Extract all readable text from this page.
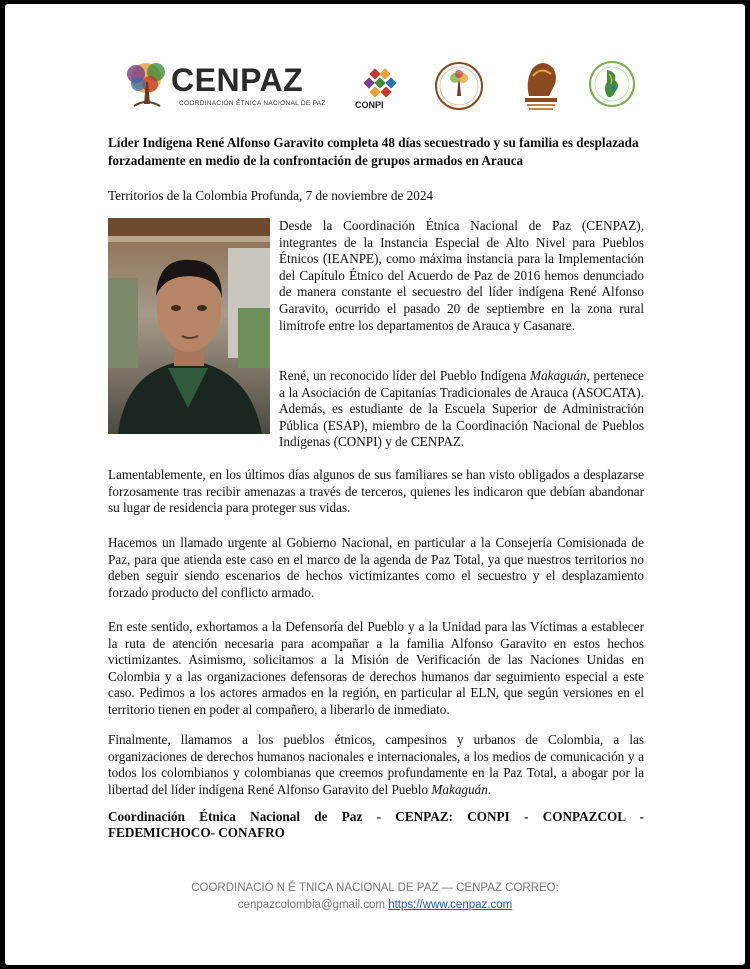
CENPAZ
COORDINACIÓN ÉTNICA NACIONAL DE PAZ	CONPI
Líder Indígena René Alfonso Garavito completa 48 días secuestrado y su familia es desplazada forzadamente en medio de la confrontación de grupos armados en Arauca
Territorios de la Colombia Profunda, 7 de noviembre de 2024
Desde la Coordinación Étnica Nacional de Paz (CENPAZ), integrantes de la Instancia Especial de Alto Nivel para Pueblos Étnicos (IEANPE), como máxima instancia para la Implementación del Capítulo Étnico del Acuerdo de Paz de 2016 hemos denunciado de manera constante el secuestro del líder indígena René Alfonso Garavito, ocurrido el pasado 20 de septiembre en la zona rural limítrofe entre los departamentos de Arauca y Casanare.
René, un reconocido líder del Pueblo Indígena Makaguán, pertenece a la Asociación de Capitanías Tradicionales de Arauca (ASOCATA). Además, es estudiante de la Escuela Superior de Administración Pública (ESAP), miembro de la Coordinación Nacional de Pueblos Indígenas (CONPI) y de CENPAZ.
Lamentablemente, en los últimos días algunos de sus familiares se han visto obligados a desplazarse forzosamente tras recibir amenazas a través de terceros, quienes les indicaron que debían abandonar su lugar de residencia para proteger sus vidas.
Hacemos un llamado urgente al Gobierno Nacional, en particular a la Consejería Comisionada de Paz, para que atienda este caso en el marco de la agenda de Paz Total, ya que nuestros territorios no deben seguir siendo escenarios de hechos victimizantes como el secuestro y el desplazamiento forzado producto del conflicto armado.
En este sentido, exhortamos a la Defensoría del Pueblo y a la Unidad para las Víctimas a establecer la ruta de atención necesaria para acompañar a la familia Alfonso Garavito en estos hechos victimizantes. Asimismo, solicitamos a la Misión de Verificación de las Naciones Unidas en Colombia y a las organizaciones defensoras de derechos humanos dar seguimiento especial a este caso. Pedimos a los actores armados en la región, en particular al ELN, que según versiones en el territorio tienen en poder al compañero, a liberarlo de inmediato.
Finalmente, llamamos a los pueblos étnicos, campesinos y urbanos de Colombia, a las organizaciones de derechos humanos nacionales e internacionales, a los medios de comunicación y a todos los colombianos y colombianas que creemos profundamente en la Paz Total, a abogar por la libertad del líder indígena René Alfonso Garavito del Pueblo Makaguán.
Coordinación Étnica Nacional de Paz - CENPAZ: CONPI - CONPAZCOL -
FEDEMICHOCO- CONAFRO
COORDINACIÓ N É TNICA NACIONAL DE PAZ — CENPAZ CORREO:
cenpazcolombia@gmail.com https://www.cenpaz.com
